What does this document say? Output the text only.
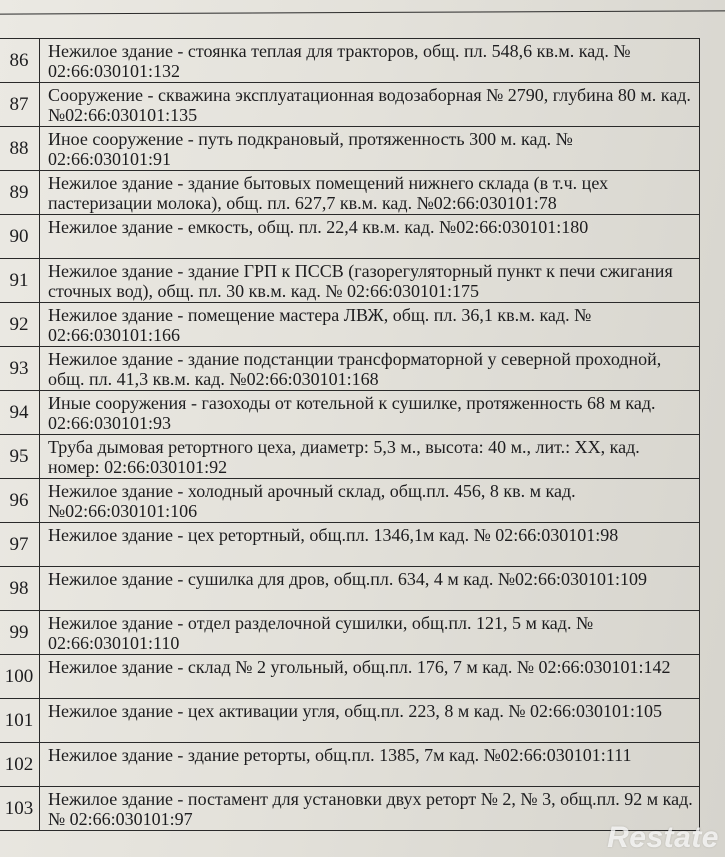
86	Нежилое здание - стоянка теплая для тракторов, общ. пл. 548,6 кв.м. кад. № 02:66:030101:132
87	Сооружение - скважина эксплуатационная водозаборная № 2790, глубина 80 м. кад. №02:66:030101:135
88	Иное сооружение - путь подкрановый, протяженность 300 м. кад. № 02:66:030101:91
89	Нежилое здание - здание бытовых помещений нижнего склада (в т.ч. цех пастеризации молока), общ. пл. 627,7 кв.м. кад. №02:66:030101:78
90	Нежилое здание - емкость, общ. пл. 22,4 кв.м. кад. №02:66:030101:180
91	Нежилое здание - здание ГРП к ПССВ (газорегуляторный пункт к печи сжигания сточных вод), общ. пл. 30 кв.м. кад. № 02:66:030101:175
92	Нежилое здание - помещение мастера ЛВЖ, общ. пл. 36,1 кв.м. кад. № 02:66:030101:166
93	Нежилое здание - здание подстанции трансформаторной у северной проходной, общ. пл. 41,3 кв.м. кад. №02:66:030101:168
94	Иные сооружения - газоходы от котельной к сушилке, протяженность 68 м кад. 02:66:030101:93
95	Труба дымовая ретортного цеха, диаметр: 5,3 м., высота: 40 м., лит.: XX, кад. номер: 02:66:030101:92
96	Нежилое здание - холодный арочный склад, общ.пл. 456, 8 кв. м кад. №02:66:030101:106
97	Нежилое здание - цех ретортный, общ.пл. 1346,1м кад. № 02:66:030101:98
98	Нежилое здание - сушилка для дров, общ.пл. 634, 4 м кад. №02:66:030101:109
99	Нежилое здание - отдел разделочной сушилки, общ.пл. 121, 5 м кад. № 02:66:030101:110
100 Нежилое здание - склад № 2 угольный, общ.пл. 176, 7 м кад. № 02:66:030101:142
101 Нежилое здание - цех активации угля, общ.пл. 223, 8 м кад. № 02:66:030101:105
102 Нежилое здание - здание реторты, общ.пл. 1385, 7м кад. №02:66:030101:111
103 Нежилое здание - постамент для установки двух реторт № 2, № 3, общ.пл. 92 м кад. № 02:66:030101:97
Restate
